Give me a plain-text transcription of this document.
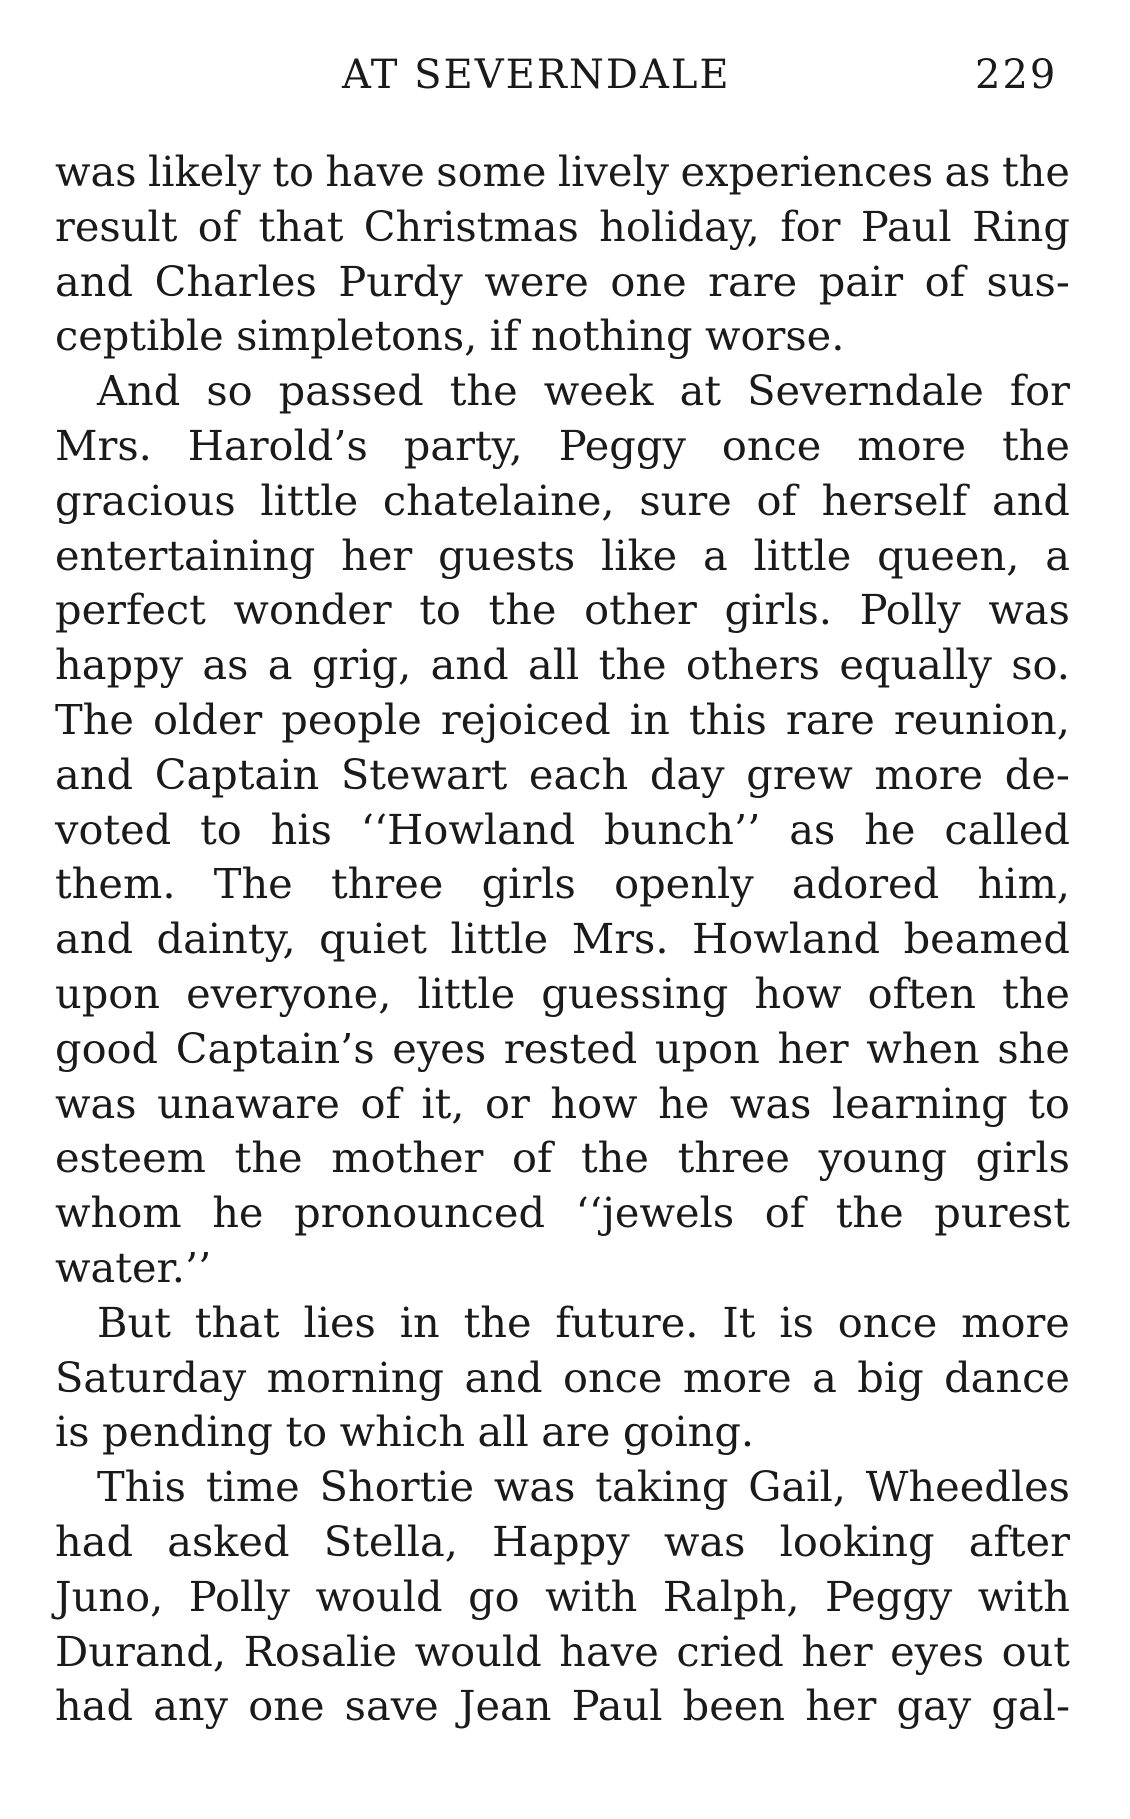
AT SEVERNDALE	229
was likely to have some lively experiences as the
result of that Christmas holiday, for Paul Ring
and Charles Purdy were one rare pair of sus-
ceptible simpletons, if nothing worse.
And so passed the week at Severndale for
Mrs. Harold’s party, Peggy once more the
gracious little chatelaine, sure of herself and
entertaining her guests like a little queen, a
perfect wonder to the other girls. Polly was
happy as a grig, and all the others equally so.
The older people rejoiced in this rare reunion,
and Captain Stewart each day grew more de-
voted to his ‘‘Howland bunch’’ as he called
them. The three girls openly adored him,
and dainty, quiet little Mrs. Howland beamed
upon everyone, little guessing how often the
good Captain’s eyes rested upon her when she
was unaware of it, or how he was learning to
esteem the mother of the three young girls
whom he pronounced ‘‘jewels of the purest
water.’’
But that lies in the future. It is once more
Saturday morning and once more a big dance
is pending to which all are going.
This time Shortie was taking Gail, Wheedles
had asked Stella, Happy was looking after
Juno, Polly would go with Ralph, Peggy with
Durand, Rosalie would have cried her eyes out
had any one save Jean Paul been her gay gal-
